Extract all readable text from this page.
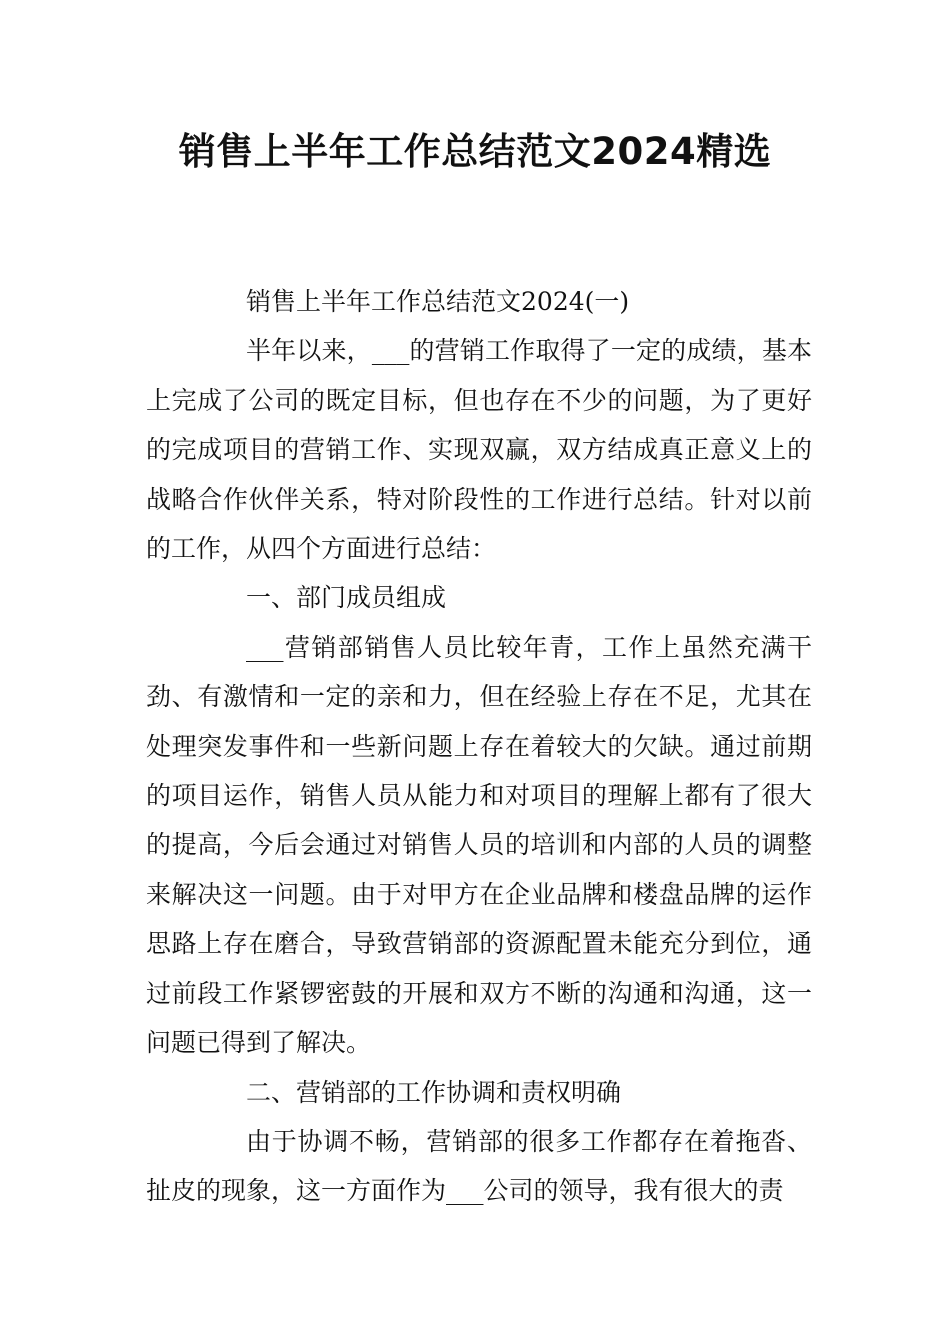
销售上半年工作总结范文2024精选

销售上半年工作总结范文2024(一)

半年以来，___的营销工作取得了一定的成绩，基本上完成了公司的既定目标，但也存在不少的问题，为了更好的完成项目的营销工作、实现双赢，双方结成真正意义上的战略合作伙伴关系，特对阶段性的工作进行总结。针对以前的工作，从四个方面进行总结：

一、部门成员组成

___营销部销售人员比较年青，工作上虽然充满干劲、有激情和一定的亲和力，但在经验上存在不足，尤其在处理突发事件和一些新问题上存在着较大的欠缺。通过前期的项目运作，销售人员从能力和对项目的理解上都有了很大的提高，今后会通过对销售人员的培训和内部的人员的调整来解决这一问题。由于对甲方在企业品牌和楼盘品牌的运作思路上存在磨合，导致营销部的资源配置未能充分到位，通过前段工作紧锣密鼓的开展和双方不断的沟通和沟通，这一问题已得到了解决。

二、营销部的工作协调和责权明确

由于协调不畅，营销部的很多工作都存在着拖沓、扯皮的现象，这一方面作为___公司的领导，我有很大的责
